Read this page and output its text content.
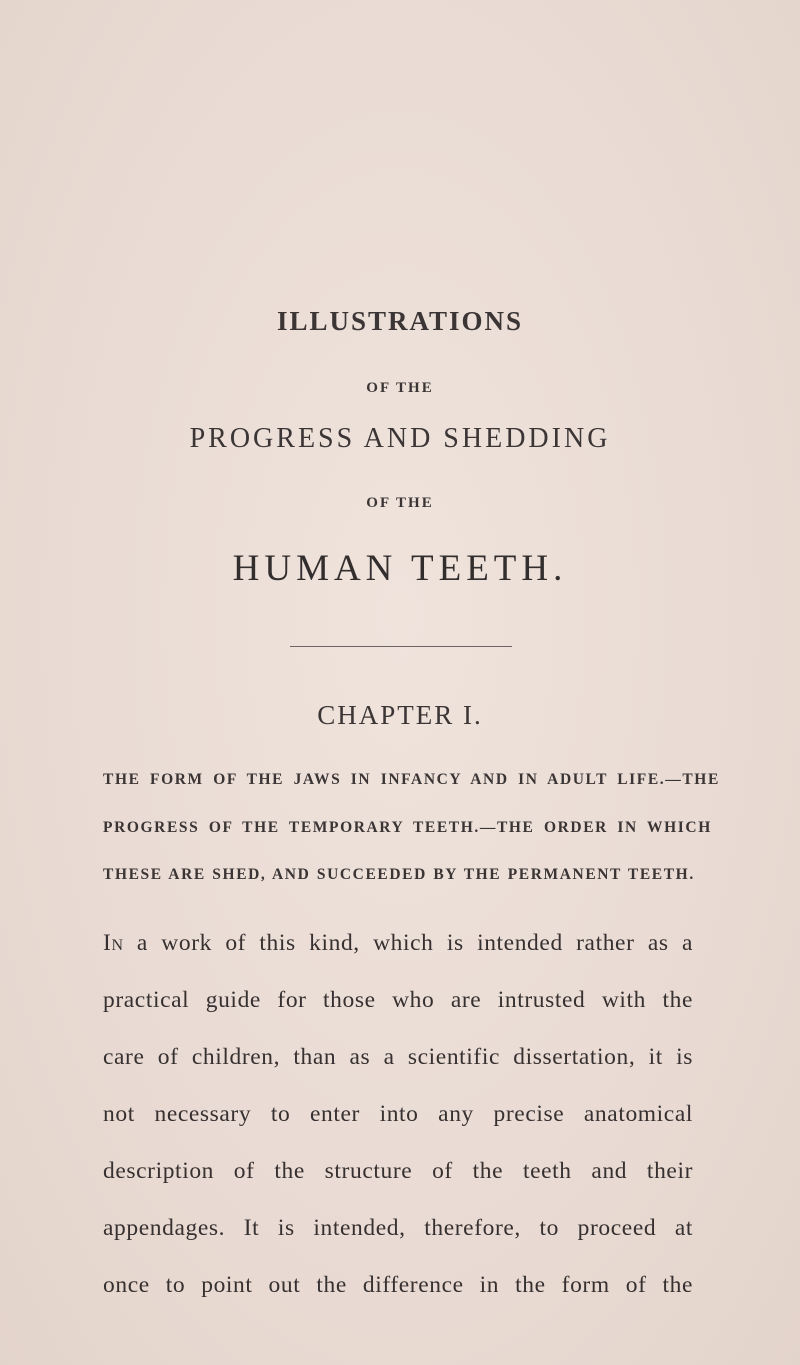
ILLUSTRATIONS
OF THE
PROGRESS AND SHEDDING
OF THE
HUMAN TEETH.
CHAPTER I.
THE FORM OF THE JAWS IN INFANCY AND IN ADULT LIFE.—THE
PROGRESS OF THE TEMPORARY TEETH.—THE ORDER IN WHICH
THESE ARE SHED, AND SUCCEEDED BY THE PERMANENT TEETH.
In a work of this kind, which is intended rather as a
practical guide for those who are intrusted with the
care of children, than as a scientific dissertation, it is
not necessary to enter into any precise anatomical
description of the structure of the teeth and their
appendages. It is intended, therefore, to proceed at
once to point out the difference in the form of the
